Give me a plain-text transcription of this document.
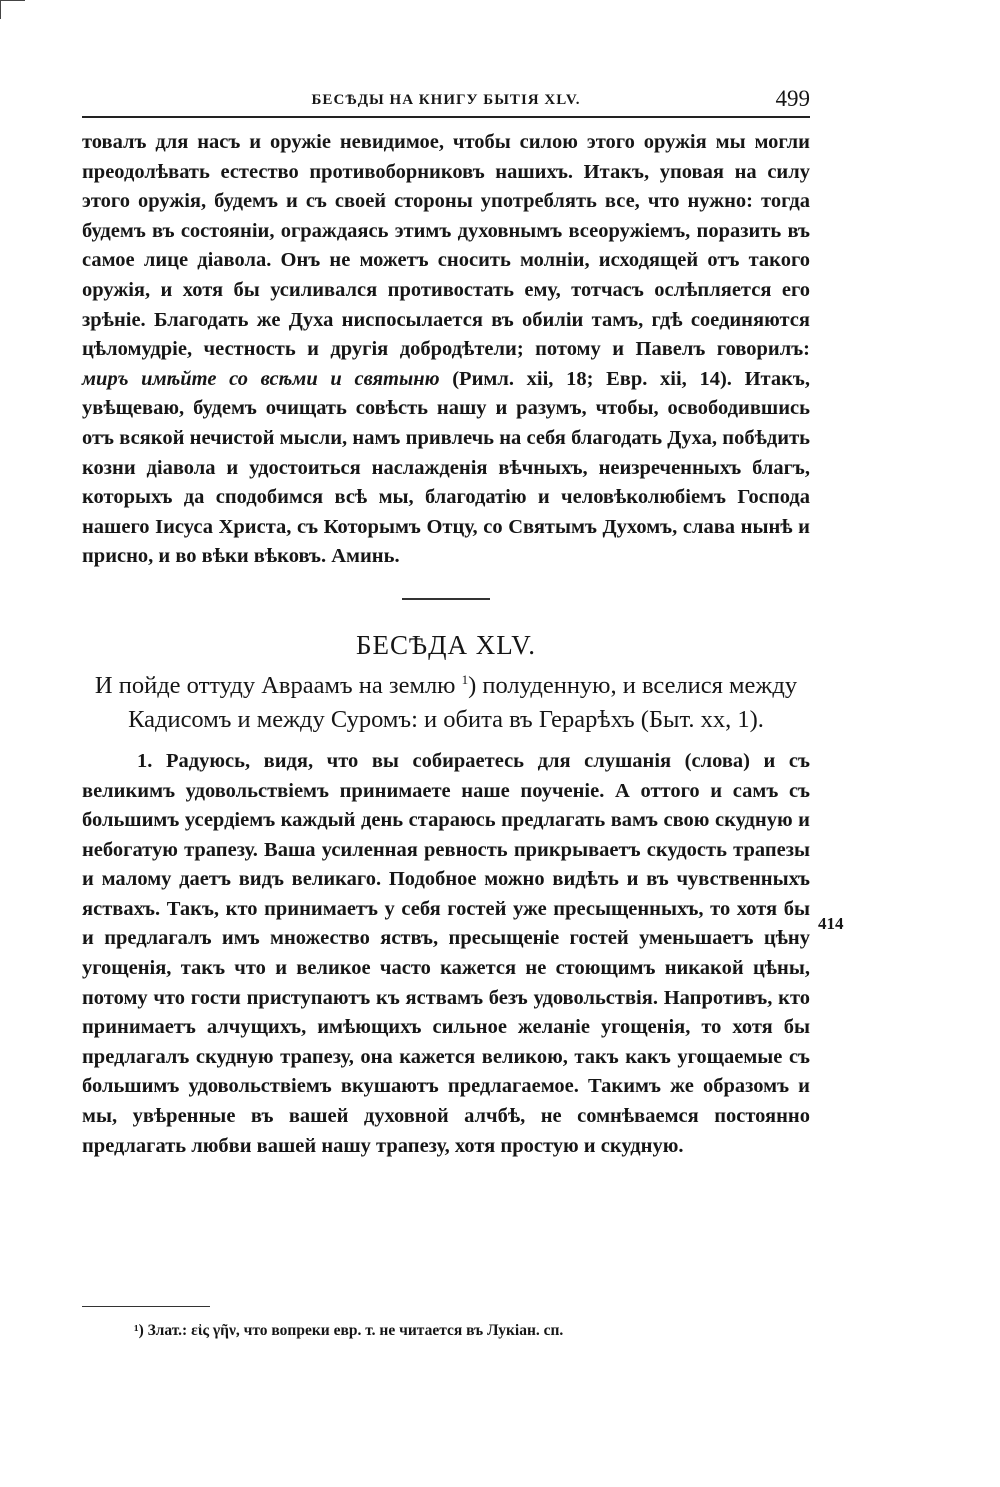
БЕСѢДЫ НА КНИГУ БЫТІЯ XLV.	499

товалъ для насъ и оружіе невидимое, чтобы силою этого оружія мы могли преодолѣвать естество противоборниковъ нашихъ. Итакъ, уповая на силу этого оружія, будемъ и съ своей стороны употреблять все, что нужно: тогда будемъ въ состояніи, ограждаясь этимъ духовнымъ всеоружіемъ, поразить въ самое лице діавола. Онъ не можетъ сносить молніи, исходящей отъ такого оружія, и хотя бы усиливался противостать ему, тотчасъ ослѣпляется его зрѣніе. Благодать же Духа ниспосылается въ обиліи тамъ, гдѣ соединяются цѣломудріе, честность и другія добродѣтели; потому и Павелъ говорилъ: миръ имѣйте со всѣми и святыню (Римл. xii, 18; Евр. xii, 14). Итакъ, увѣщеваю, будемъ очищать совѣсть нашу и разумъ, чтобы, освободившись отъ всякой нечистой мысли, намъ привлечь на себя благодать Духа, побѣдить козни діавола и удостоиться наслажденія вѣчныхъ, неизреченныхъ благъ, которыхъ да сподобимся всѣ мы, благодатію и человѣколюбіемъ Господа нашего Іисуса Христа, съ Которымъ Отцу, со Святымъ Духомъ, слава нынѣ и присно, и во вѣки вѣковъ. Аминь.

БЕСѢДА XLV.

И пойде оттуду Авраамъ на землю $^1$) полуденную, и вселися между Кадисомъ и между Суромъ: и обита въ Герарѣхъ (Быт. xx, 1).

1. Радуюсь, видя, что вы собираетесь для слушанія (слова) и съ великимъ удовольствіемъ принимаете наше поученіе. А оттого и самъ съ большимъ усердіемъ каждый день стараюсь предлагать вамъ свою скудную и небогатую трапезу. Ваша усиленная ревность прикрываетъ скудость трапезы и малому даетъ видъ великаго. Подобное можно видѣть и въ чувственныхъ яствахъ. Такъ, кто принимаетъ у себя гостей уже пресыщенныхъ, то хотя бы и предлагалъ имъ множество яствъ, пресыщеніе гостей уменьшаетъ цѣну угощенія, такъ что и великое часто кажется не стоющимъ никакой цѣны, потому что гости приступаютъ къ яствамъ безъ удовольствія. Напротивъ, кто принимаетъ алчущихъ, имѣющихъ сильное желаніе угощенія, то хотя бы предлагалъ скудную трапезу, она кажется великою, такъ какъ угощаемые съ большимъ удовольствіемъ вкушаютъ предлагаемое. Такимъ же образомъ и мы, увѣренные въ вашей духовной алчбѣ, не сомнѣваемся постоянно предлагать любви вашей нашу трапезу, хотя простую и скудную.

414
¹) Злат.: εἰς γῆν, что вопреки евр. т. не читается въ Лукіан. сп.
